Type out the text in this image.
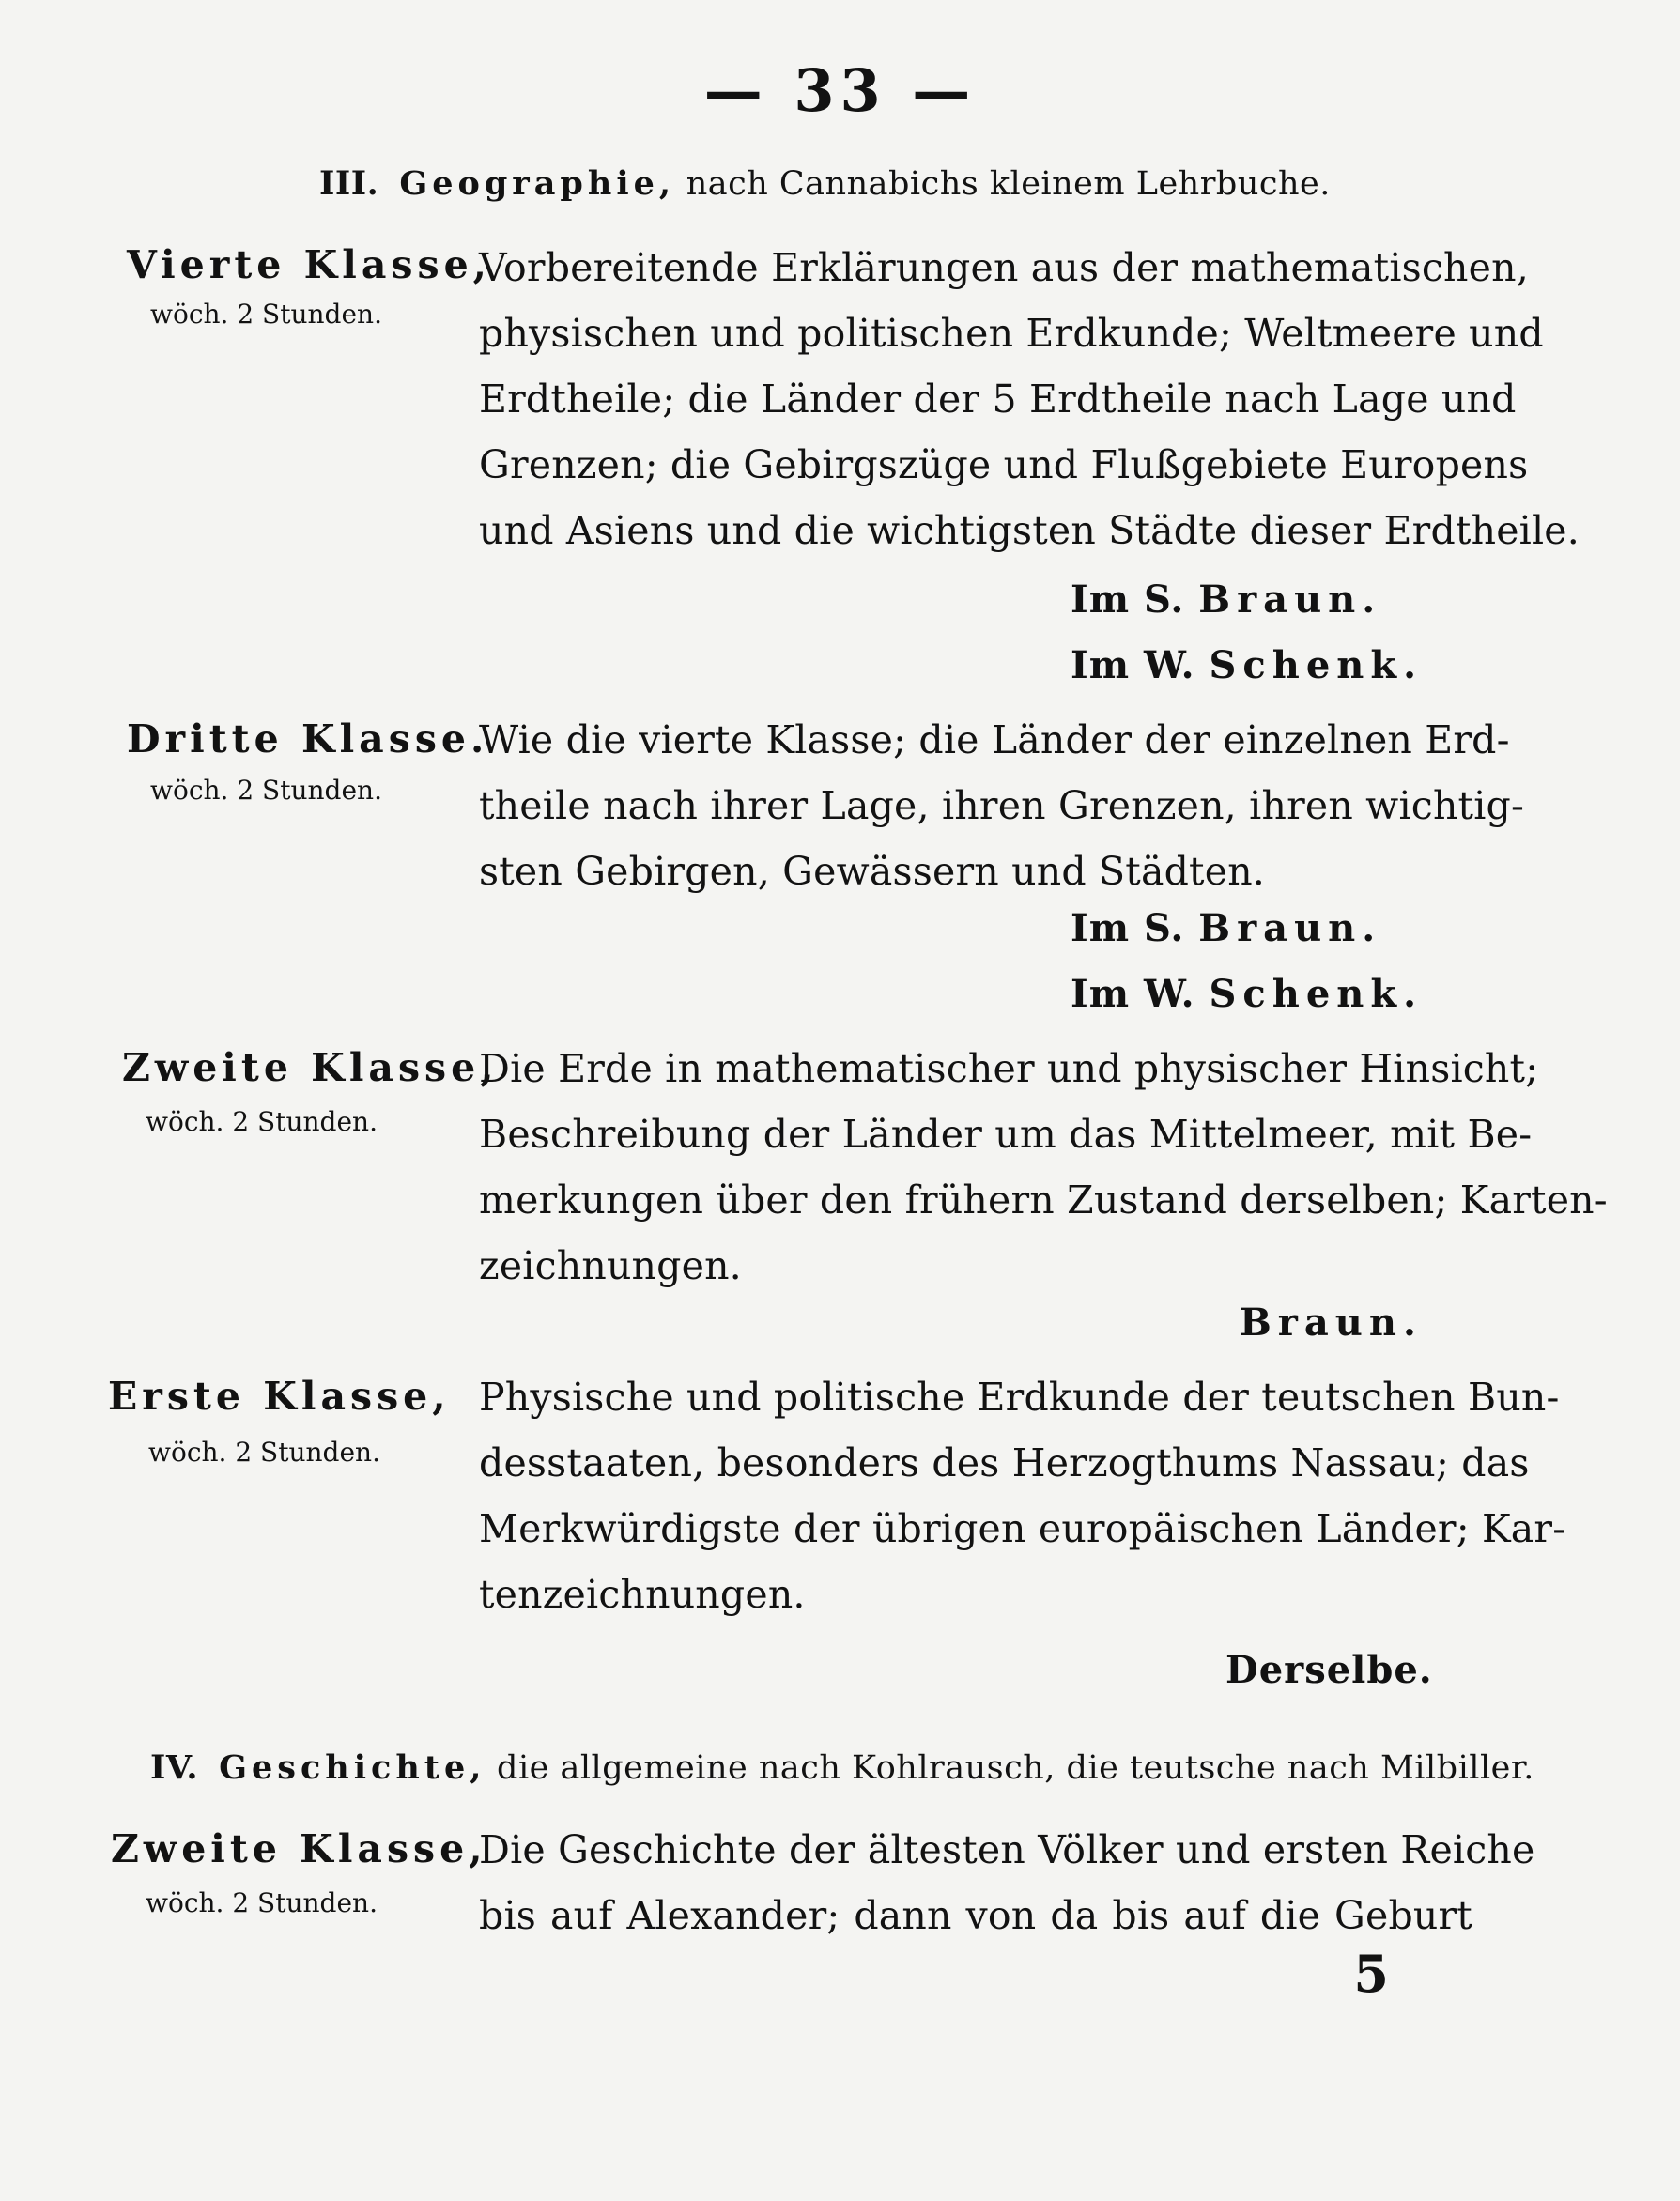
— 33 —
III. Geographie, nach Cannabichs kleinem Lehrbuche.
Vierte Klasse,
wöch. 2 Stunden.
Vorbereitende Erklärungen aus der mathematischen,
physischen und politischen Erdkunde; Weltmeere und
Erdtheile; die Länder der 5 Erdtheile nach Lage und
Grenzen; die Gebirgszüge und Flußgebiete Europens
und Asiens und die wichtigsten Städte dieser Erdtheile.
Im S. Braun.
Im W. Schenk.
Dritte Klasse.
wöch. 2 Stunden.
Wie die vierte Klasse; die Länder der einzelnen Erd-
theile nach ihrer Lage, ihren Grenzen, ihren wichtig-
sten Gebirgen, Gewässern und Städten.
Im S. Braun.
Im W. Schenk.
Zweite Klasse,
wöch. 2 Stunden.
Die Erde in mathematischer und physischer Hinsicht;
Beschreibung der Länder um das Mittelmeer, mit Be-
merkungen über den frühern Zustand derselben; Karten-
zeichnungen.
Braun.
Erste Klasse,
wöch. 2 Stunden.
Physische und politische Erdkunde der teutschen Bun-
desstaaten, besonders des Herzogthums Nassau; das
Merkwürdigste der übrigen europäischen Länder; Kar-
tenzeichnungen.
Derselbe.
IV. Geschichte, die allgemeine nach Kohlrausch, die teutsche nach Milbiller.
Zweite Klasse,
wöch. 2 Stunden.
Die Geschichte der ältesten Völker und ersten Reiche
bis auf Alexander; dann von da bis auf die Geburt
5
